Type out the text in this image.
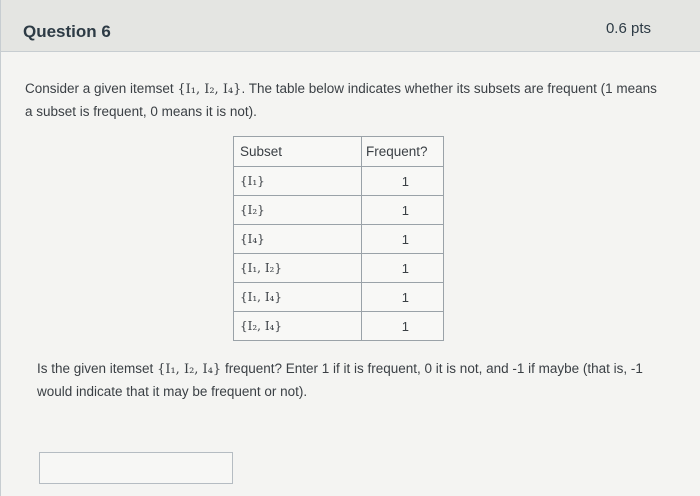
Question 6	0.6 pts
Consider a given itemset {I₁, I₂, I₄}. The table below indicates whether its subsets are frequent (1 means a subset is frequent, 0 means it is not).
Subset	Frequent?
{I₁}	1
{I₂}	1
{I₄}	1
{I₁, I₂}	1
{I₁, I₄}	1
{I₂, I₄}	1
Is the given itemset {I₁, I₂, I₄} frequent? Enter 1 if it is frequent, 0 it is not, and -1 if maybe (that is, -1 would indicate that it may be frequent or not).
